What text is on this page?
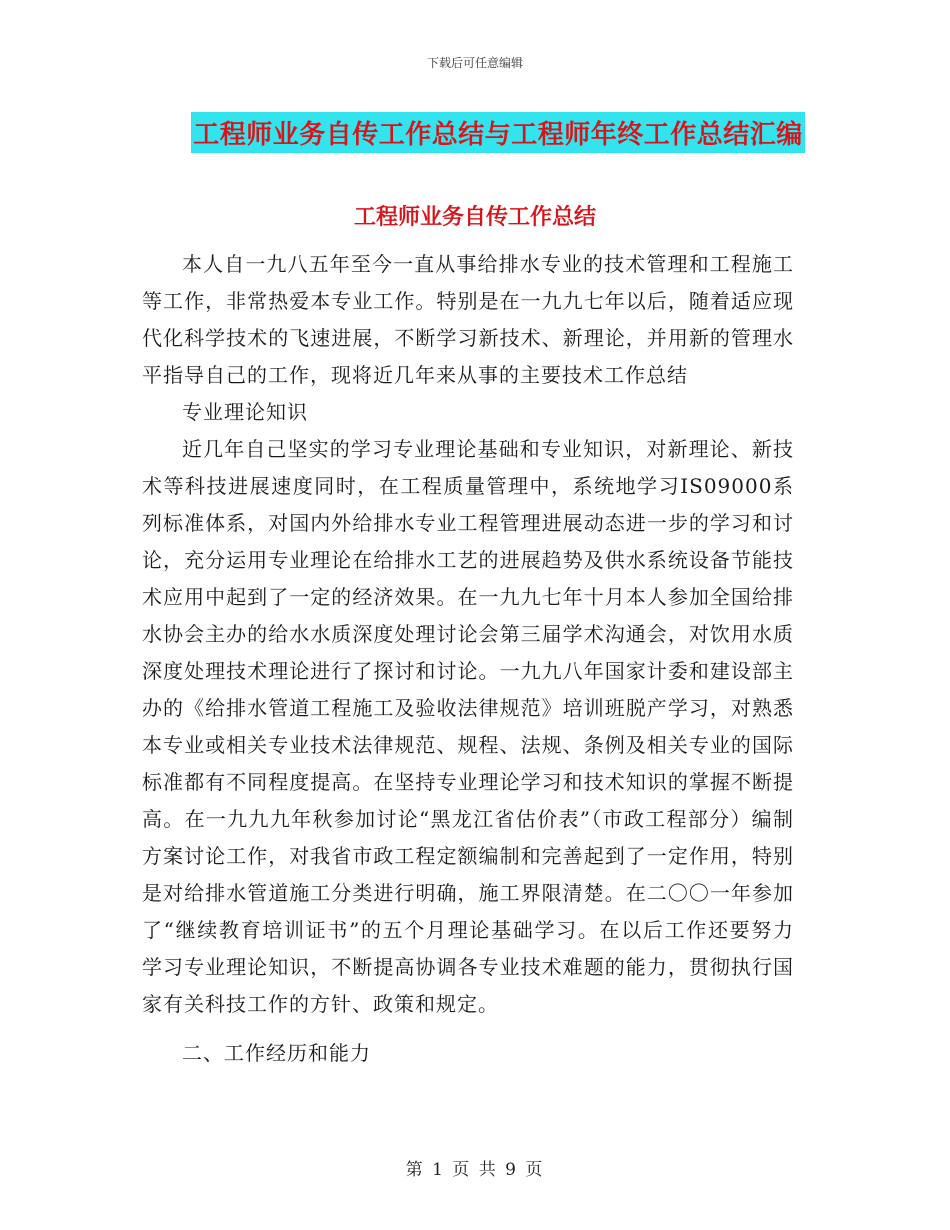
下载后可任意编辑
工程师业务自传工作总结与工程师年终工作总结汇编
工程师业务自传工作总结

本人自一九八五年至今一直从事给排水专业的技术管理和工程施工等工作，非常热爱本专业工作。特别是在一九九七年以后，随着适应现代化科学技术的飞速进展，不断学习新技术、新理论，并用新的管理水平指导自己的工作，现将近几年来从事的主要技术工作总结

专业理论知识

近几年自己坚实的学习专业理论基础和专业知识，对新理论、新技术等科技进展速度同时，在工程质量管理中，系统地学习IS09000系列标准体系，对国内外给排水专业工程管理进展动态进一步的学习和讨论，充分运用专业理论在给排水工艺的进展趋势及供水系统设备节能技术应用中起到了一定的经济效果。在一九九七年十月本人参加全国给排水协会主办的给水水质深度处理讨论会第三届学术沟通会，对饮用水质深度处理技术理论进行了探讨和讨论。一九九八年国家计委和建设部主办的《给排水管道工程施工及验收法律规范》培训班脱产学习，对熟悉本专业或相关专业技术法律规范、规程、法规、条例及相关专业的国际标准都有不同程度提高。在坚持专业理论学习和技术知识的掌握不断提高。在一九九九年秋参加讨论“黑龙江省估价表”（市政工程部分）编制方案讨论工作，对我省市政工程定额编制和完善起到了一定作用，特别是对给排水管道施工分类进行明确，施工界限清楚。在二〇〇一年参加了“继续教育培训证书”的五个月理论基础学习。在以后工作还要努力学习专业理论知识，不断提高协调各专业技术难题的能力，贯彻执行国家有关科技工作的方针、政策和规定。

二、工作经历和能力

第 1 页 共 9 页
